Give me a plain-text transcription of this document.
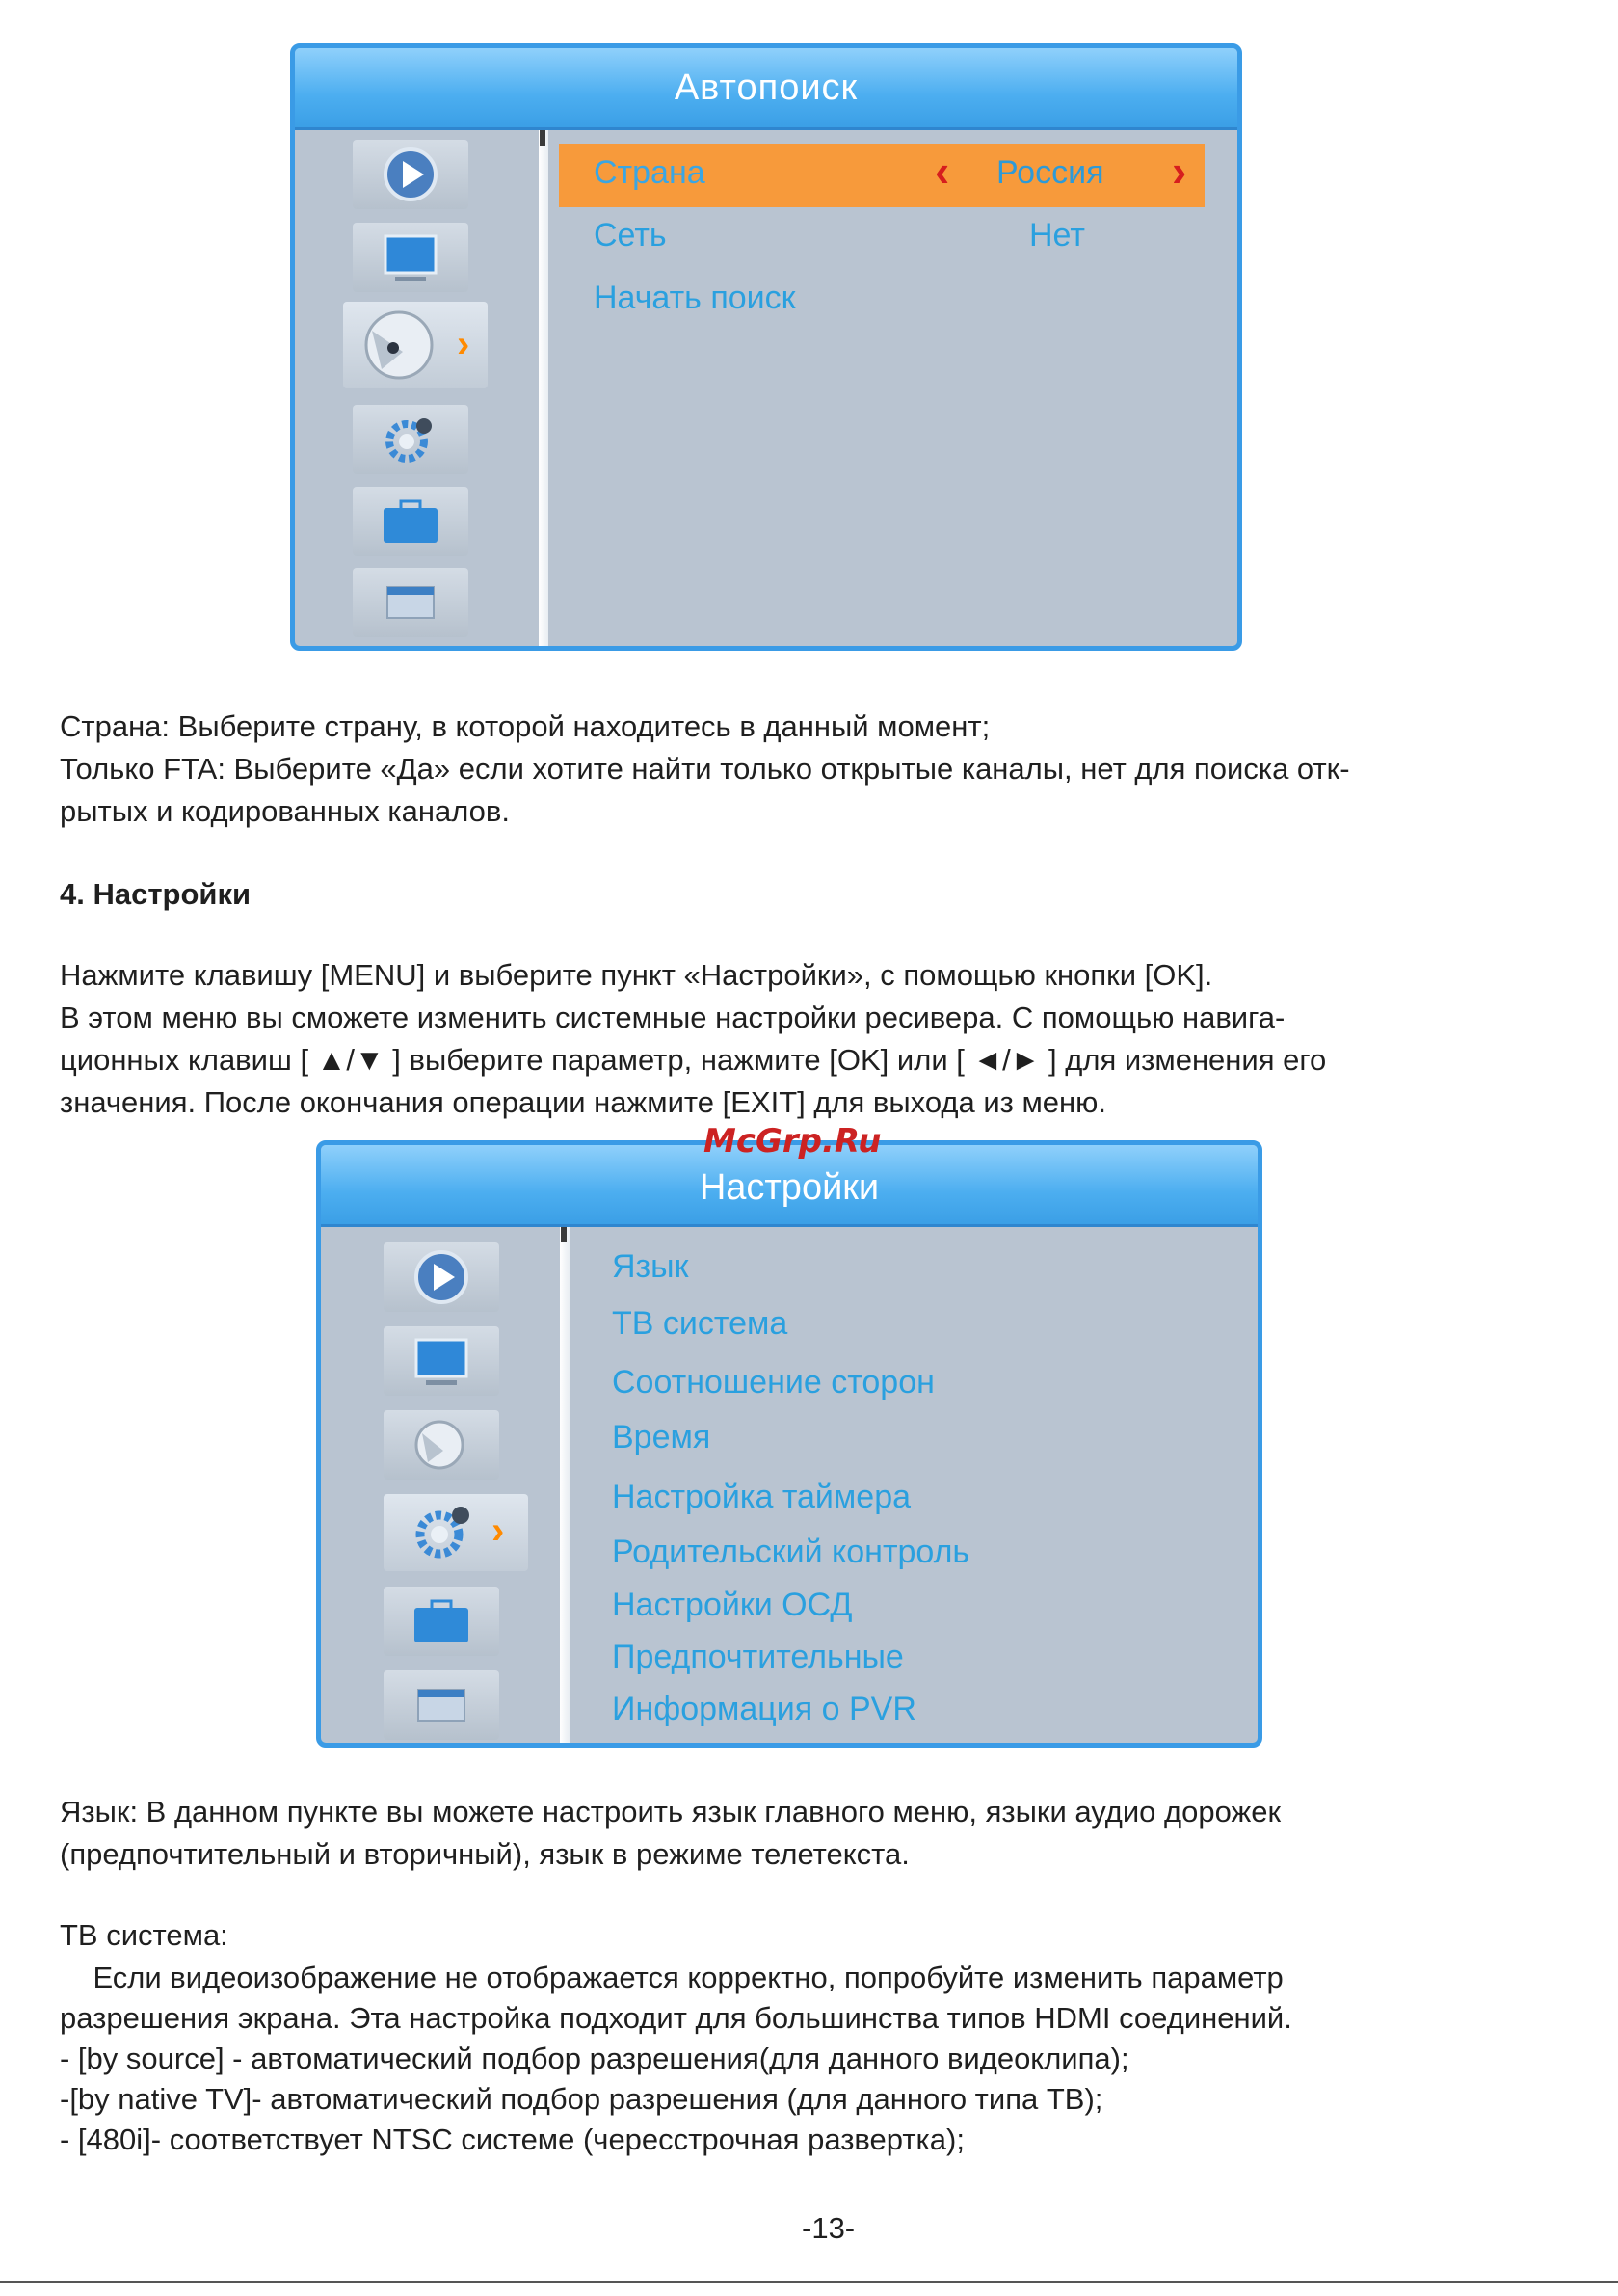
Автопоиск
›
Страна	‹ Россия ›
Сеть	Нет
Начать поиск
Страна: Выберите страну, в которой находитесь в данный момент;
Только FTA: Выберите «Да» если хотите найти только открытые каналы, нет для поиска отк-
рытых и кодированных каналов.
4. Настройки
Нажмите клавишу [MENU] и выберите пункт «Настройки», с помощью кнопки [OK].
В этом меню вы сможете изменить системные настройки ресивера. С помощью навига-
ционных клавиш [ ▲/▼ ] выберите параметр, нажмите [OK] или [ ◄/► ] для изменения его
значения. После окончания операции нажмите [EXIT] для выхода из меню.
Настройки
›
Язык
ТВ система
Соотношение сторон
Время
Настройка таймера
Родительский контроль
Настройки ОСД
Предпочтительные
Информация о PVR
McGrp.Ru
Язык: В данном пункте вы можете настроить язык главного меню, языки аудио дорожек
(предпочтительный и вторичный), язык в режиме телетекста.
ТВ система:
Если видеоизображение не отображается корректно, попробуйте изменить параметр
разрешения экрана. Эта настройка подходит для большинства типов HDMI соединений.
- [by source] - автоматический подбор разрешения(для данного видеоклипа);
-[by native TV]- автоматический подбор разрешения (для данного типа ТВ);
- [480i]- соответствует NTSC системе (чересстрочная развертка);
-13-
